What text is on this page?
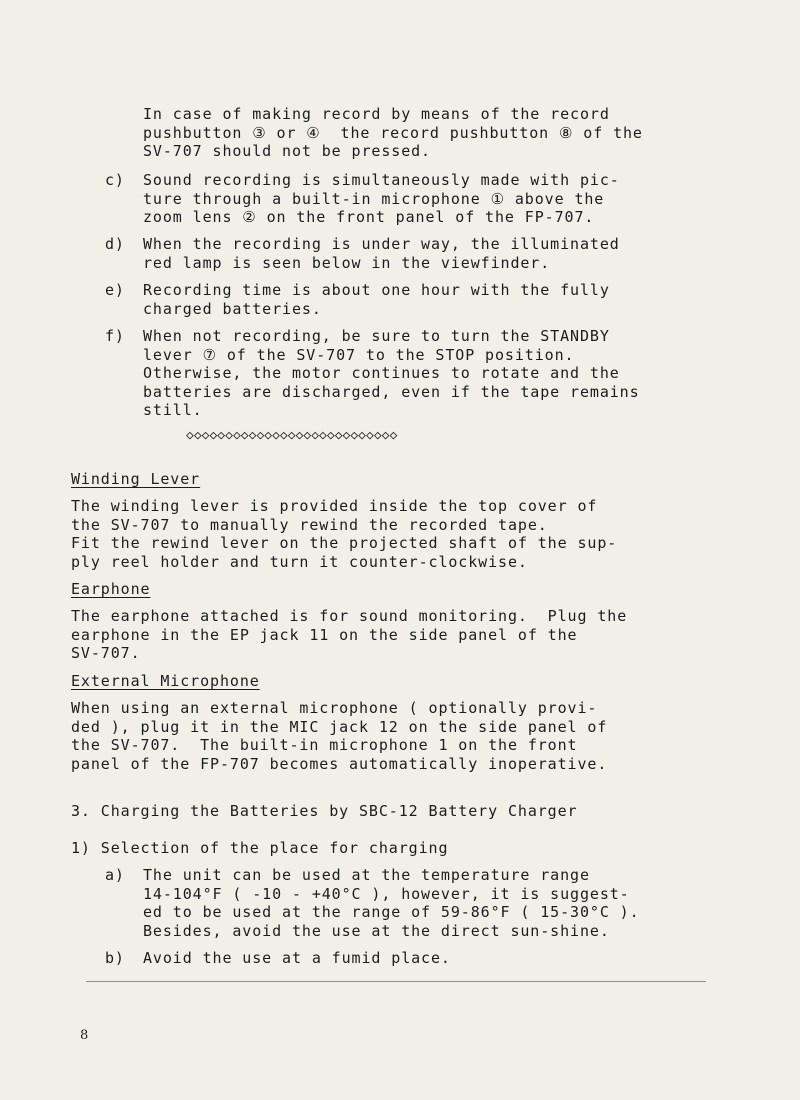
In case of making record by means of the record
pushbutton ③ or ④  the record pushbutton ⑧ of the
SV-707 should not be pressed.
c) Sound recording is simultaneously made with pic-
ture through a built-in microphone ① above the
zoom lens ② on the front panel of the FP-707.
d) When the recording is under way, the illuminated
red lamp is seen below in the viewfinder.
e) Recording time is about one hour with the fully
charged batteries.
f) When not recording, be sure to turn the STANDBY
lever ⑦ of the SV-707 to the STOP position.
Otherwise, the motor continues to rotate and the
batteries are discharged, even if the tape remains
still.
◇◇◇◇◇◇◇◇◇◇◇◇◇◇◇◇◇◇◇◇◇◇◇◇◇◇◇
Winding Lever
The winding lever is provided inside the top cover of
the SV-707 to manually rewind the recorded tape.
Fit the rewind lever on the projected shaft of the sup-
ply reel holder and turn it counter-clockwise.
Earphone
The earphone attached is for sound monitoring.  Plug the
earphone in the EP jack 11 on the side panel of the
SV-707.
External Microphone
When using an external microphone ( optionally provi-
ded ), plug it in the MIC jack 12 on the side panel of
the SV-707.  The built-in microphone 1 on the front
panel of the FP-707 becomes automatically inoperative.
3. Charging the Batteries by SBC-12 Battery Charger
1) Selection of the place for charging
a) The unit can be used at the temperature range
14-104°F ( -10 - +40°C ), however, it is suggest-
ed to be used at the range of 59-86°F ( 15-30°C ).
Besides, avoid the use at the direct sun-shine.
b) Avoid the use at a fumid place.
8
